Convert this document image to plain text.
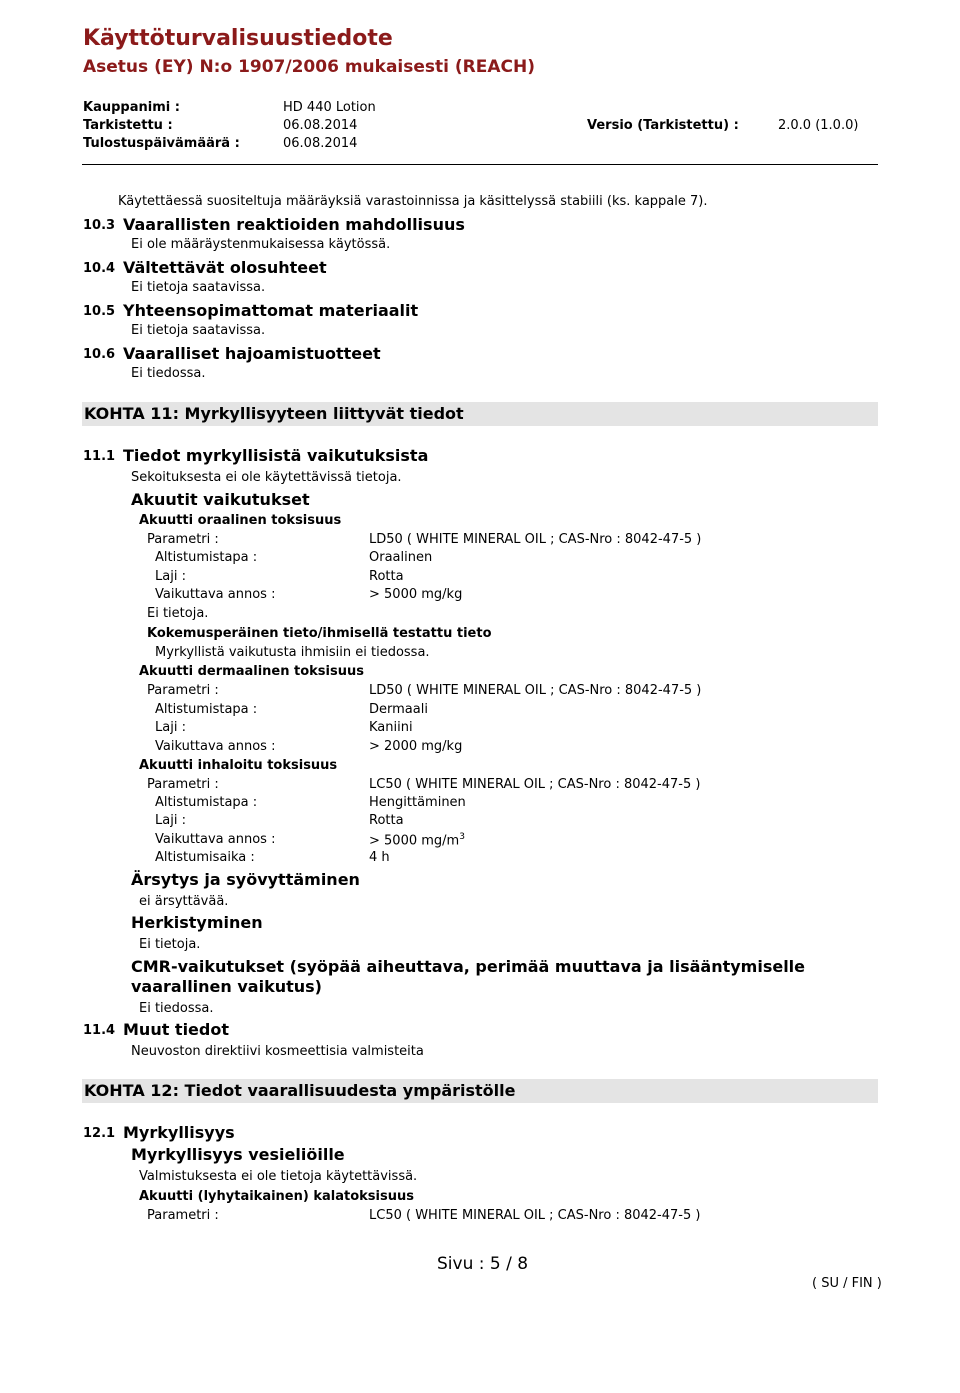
Käyttöturvalisuustiedote
Asetus (EY) N:o 1907/2006 mukaisesti (REACH)
Kauppanimi :	HD 440 Lotion
Tarkistettu :	06.08.2014	Versio (Tarkistettu) :	2.0.0 (1.0.0)
Tulostuspäivämäärä :	06.08.2014
Käytettäessä suositeltuja määräyksiä varastoinnissa ja käsittelyssä stabiili (ks. kappale 7).
10.3 Vaarallisten reaktioiden mahdollisuus
Ei ole määräystenmukaisessa käytössä.
10.4 Vältettävät olosuhteet
Ei tietoja saatavissa.
10.5 Yhteensopimattomat materiaalit
Ei tietoja saatavissa.
10.6 Vaaralliset hajoamistuotteet
Ei tiedossa.
KOHTA 11: Myrkyllisyyteen liittyvät tiedot
11.1 Tiedot myrkyllisistä vaikutuksista
Sekoituksesta ei ole käytettävissä tietoja.
Akuutit vaikutukset
Akuutti oraalinen toksisuus
Parametri :	LD50 ( WHITE MINERAL OIL ; CAS-Nro : 8042-47-5 )
Altistumistapa :	Oraalinen
Laji :	Rotta
Vaikuttava annos :	> 5000 mg/kg
Ei tietoja.
Kokemusperäinen tieto/ihmisellä testattu tieto
Myrkyllistä vaikutusta ihmisiin ei tiedossa.
Akuutti dermaalinen toksisuus
Parametri :	LD50 ( WHITE MINERAL OIL ; CAS-Nro : 8042-47-5 )
Altistumistapa :	Dermaali
Laji :	Kaniini
Vaikuttava annos :	> 2000 mg/kg
Akuutti inhaloitu toksisuus
Parametri :	LC50 ( WHITE MINERAL OIL ; CAS-Nro : 8042-47-5 )
Altistumistapa :	Hengittäminen
Laji :	Rotta
Vaikuttava annos :	> 5000 $mg/m^3$
Altistumisaika :	4 h
Ärsytys ja syövyttäminen
ei ärsyttävää.
Herkistyminen
Ei tietoja.
CMR-vaikutukset (syöpää aiheuttava, perimää muuttava ja lisääntymiselle
vaarallinen vaikutus)
Ei tiedossa.
11.4 Muut tiedot
Neuvoston direktiivi kosmeettisia valmisteita
KOHTA 12: Tiedot vaarallisuudesta ympäristölle
12.1 Myrkyllisyys
Myrkyllisyys vesieliöille
Valmistuksesta ei ole tietoja käytettävissä.
Akuutti (lyhytaikainen) kalatoksisuus
Parametri :	LC50 ( WHITE MINERAL OIL ; CAS-Nro : 8042-47-5 )
Sivu : 5 / 8
( SU / FIN )
